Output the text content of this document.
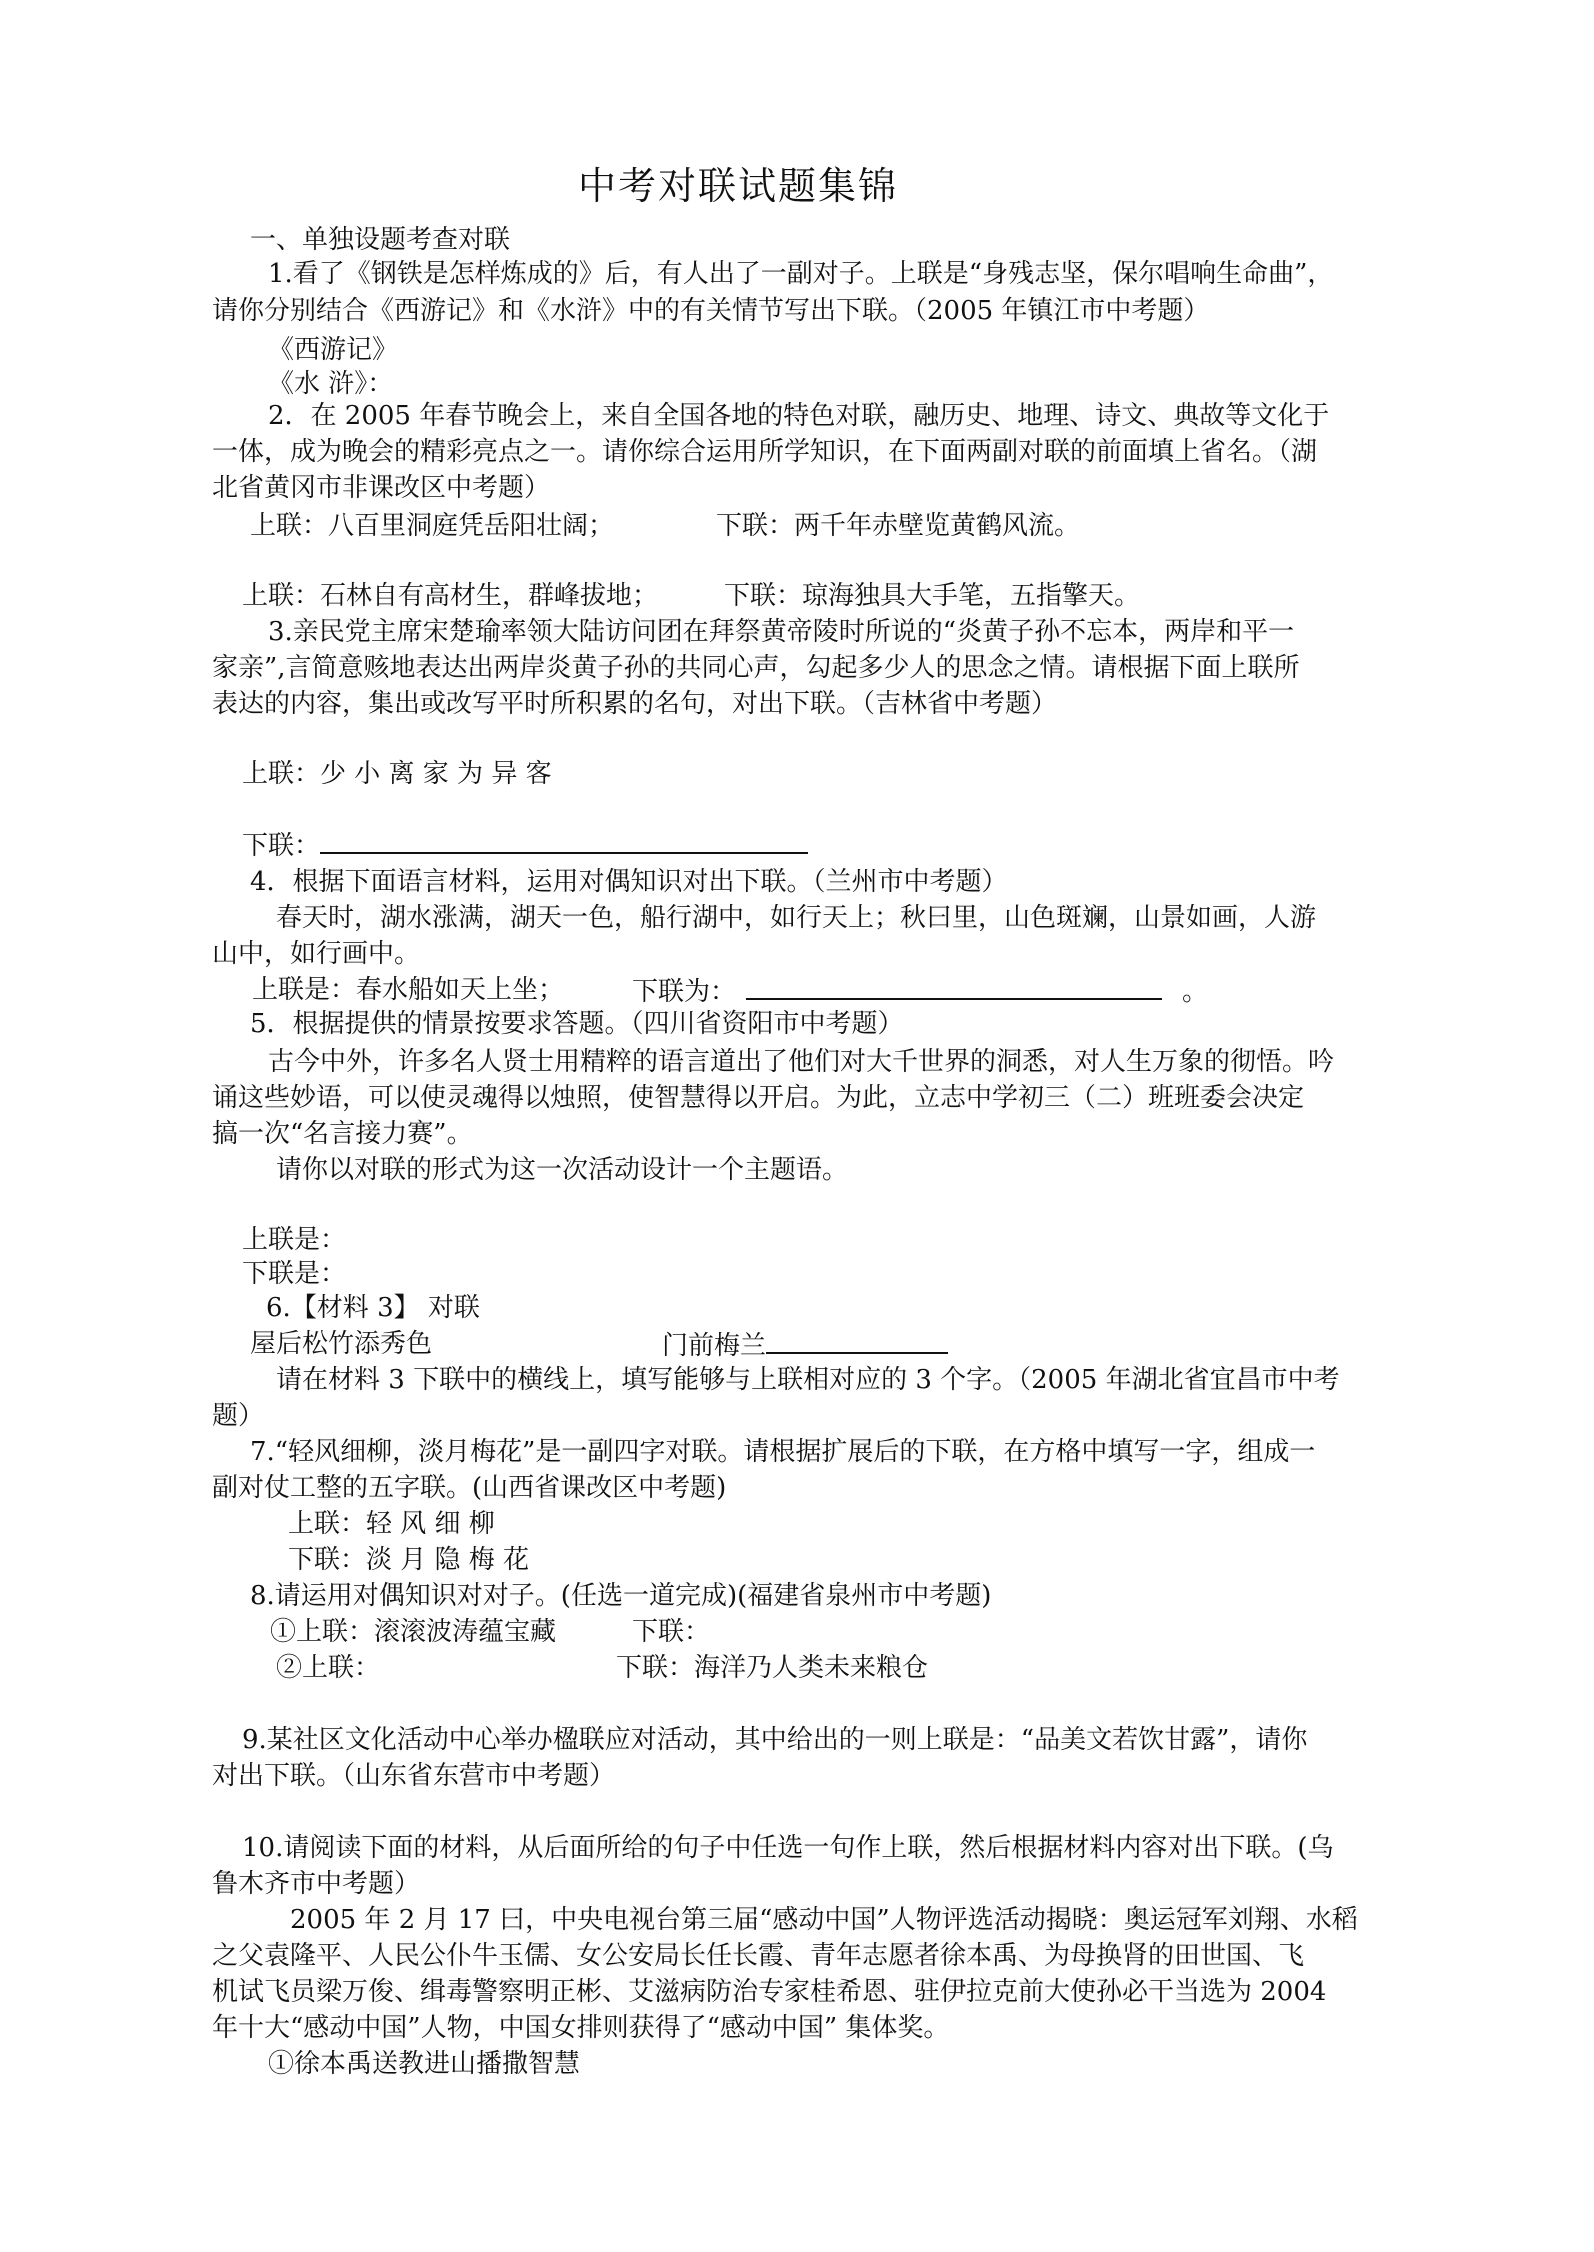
中考对联试题集锦
一、单独设题考查对联
1.看了《钢铁是怎样炼成的》后，有人出了一副对子。上联是“身残志坚，保尔唱响生命曲”，
请你分别结合《西游记》和《水浒》中的有关情节写出下联。（2005 年镇江市中考题）
《西游记》
《水 浒》：
2．在 2005 年春节晚会上，来自全国各地的特色对联，融历史、地理、诗文、典故等文化于
一体，成为晚会的精彩亮点之一。请你综合运用所学知识，在下面两副对联的前面填上省名。（湖
北省黄冈市非课改区中考题）
上联：八百里洞庭凭岳阳壮阔；	下联：两千年赤壁览黄鹤风流。
上联：石林自有高材生，群峰拔地；	下联：琼海独具大手笔，五指擎天。
3.亲民党主席宋楚瑜率领大陆访问团在拜祭黄帝陵时所说的“炎黄子孙不忘本，两岸和平一
家亲”,言简意赅地表达出两岸炎黄子孙的共同心声，勾起多少人的思念之情。请根据下面上联所
表达的内容，集出或改写平时所积累的名句，对出下联。（吉林省中考题）
上联：少 小 离 家 为 异 客
下联：
4．根据下面语言材料，运用对偶知识对出下联。（兰州市中考题）
春天时，湖水涨满，湖天一色，船行湖中，如行天上；秋曰里，山色斑斓，山景如画，人游
山中，如行画中。
上联是：春水船如天上坐；	下联为：	。
5．根据提供的情景按要求答题。（四川省资阳市中考题）
古今中外，许多名人贤士用精粹的语言道出了他们对大千世界的洞悉，对人生万象的彻悟。吟
诵这些妙语，可以使灵魂得以烛照，使智慧得以开启。为此，立志中学初三（二）班班委会决定
搞一次“名言接力赛”。
请你以对联的形式为这一次活动设计一个主题语。
上联是：
下联是：
6.【材料 3】 对联
屋后松竹添秀色	门前梅兰
请在材料 3 下联中的横线上，填写能够与上联相对应的 3 个字。（2005 年湖北省宜昌市中考
题）
7.“轻风细柳，淡月梅花”是一副四字对联。请根据扩展后的下联，在方格中填写一字，组成一
副对仗工整的五字联。(山西省课改区中考题)
上联：轻 风 细 柳
下联：淡 月 隐 梅 花
8.请运用对偶知识对对子。(任选一道完成)(福建省泉州市中考题)
①上联：滚滚波涛蕴宝藏	下联：
②上联：	下联：海洋乃人类未来粮仓
9.某社区文化活动中心举办楹联应对活动，其中给出的一则上联是：“品美文若饮甘露”，请你
对出下联。（山东省东营市中考题）
10.请阅读下面的材料，从后面所给的句子中任选一句作上联，然后根据材料内容对出下联。(乌
鲁木齐市中考题）
2005 年 2 月 17 曰，中央电视台第三届“感动中国”人物评选活动揭晓：奥运冠军刘翔、水稻
之父袁隆平、人民公仆牛玉儒、女公安局长任长霞、青年志愿者徐本禹、为母换肾的田世国、飞
机试飞员梁万俊、缉毒警察明正彬、艾滋病防治专家桂希恩、驻伊拉克前大使孙必干当选为 2004
年十大“感动中国”人物，中国女排则获得了“感动中国” 集体奖。
①徐本禹送教进山播撒智慧
